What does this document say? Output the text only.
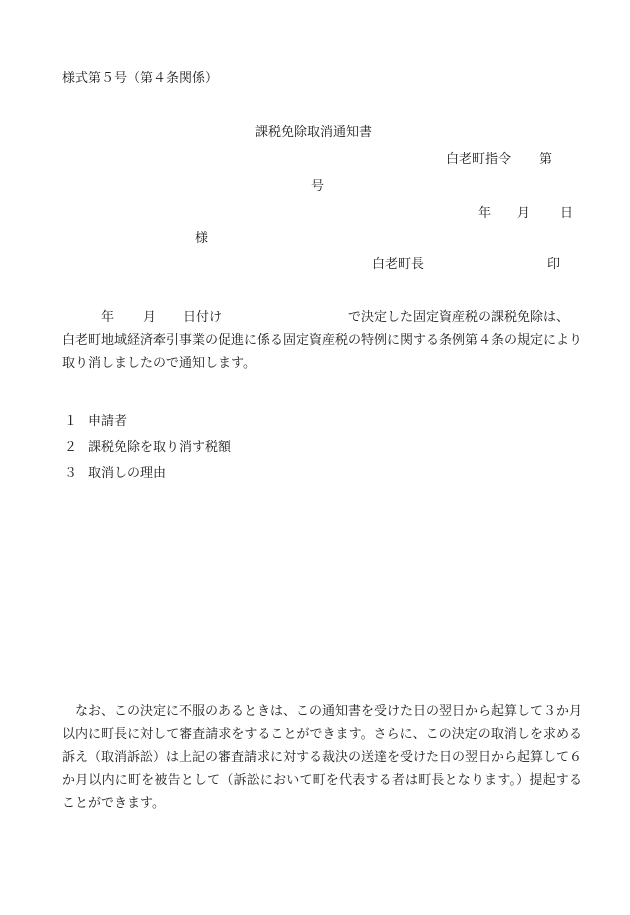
様式第５号（第４条関係）
課税免除取消通知書
白老町指令 第
号
年 月 日
様
白老町長	印
年 月 日付け	で決定した固定資産税の課税免除は、
白老町地域経済牽引事業の促進に係る固定資産税の特例に関する条例第４条の規定により取り消しましたので通知します。
１ 申請者
２ 課税免除を取り消す税額
３ 取消しの理由
なお、この決定に不服のあるときは、この通知書を受けた日の翌日から起算して３か月以内に町長に対して審査請求をすることができます。さらに、この決定の取消しを求める訴え（取消訴訟）は上記の審査請求に対する裁決の送達を受けた日の翌日から起算して６か月以内に町を被告として（訴訟において町を代表する者は町長となります。）提起することができます。
